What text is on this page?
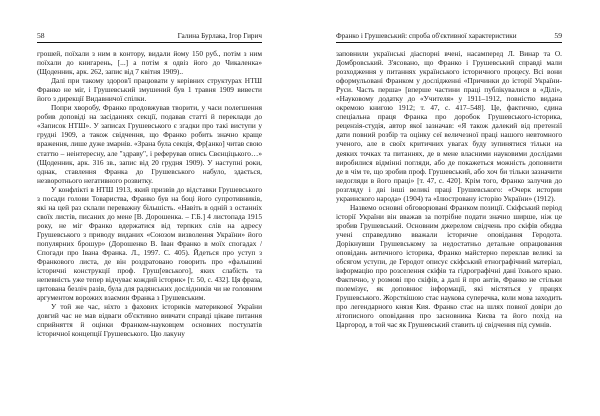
58	Галина Бурлака, Ігор Гирич

грошей, поїхали з ним в контору, видали йому 150 руб., потім з ним поїхали до книгарень, [...] а потім я одвіз його до Чикаленка» (Щоденник, арк. 262, запис від 7 квітня 1909)..

Далі при такому здоров'ї працювати у керівних структурах НТШ Франко не міг, і Грушевський змушений був 1 травня 1909 вивести його з дирекції Видавничої спілки.

Попри хворобу, Франко продовжував творити, у часи полегшення робив доповіді на засіданнях секції, подавав статті й переклади до «Записок НТШ». У записах Грушевського є згадки про такі виступи у грудні 1909, а також свідчення, що Франко робить значно краще враження, лише дуже змарнів. «Зрана була секція, Фр[анко] читав свою статтю – неінтересну, але "здраву", і реферував опись Свєнціцького…» (Щоденник, арк. 316 зв., запис від 20 грудня 1909). У наступні роки, однак, ставлення Франка до Грушевського набуло, здається, незворотнього негативного розвитку.

У конфлікті в НТШ 1913, який призвів до відставки Грушевського з посади голови Товариства, Франко був на боці його супротивників, які на цей раз склали переважну більшість. «Навіть в одній з останніх своїх листів, писаних до мене [В. Дорошенка. – Г.Б.] 4 листопада 1915 року, не міг Франко вдержатися від терпких слів на адресу Грушевського з приводу виданих «Союзом визволення України» його популярних брошур» (Дорошенко В. Іван Франко в моїх спогадах / Спогади про Івана Франка. Л., 1997. С. 405). Йдеться про уступ з Франкового листа, де він роздратовано говорить про «фальшиві історичні конструкції проф. Груш[евського], яких слабість та непевність уже тепер відчуває кождий історик» [т. 50, с. 432]. Ця фраза, цитована безліч разів, була для радянських дослідників чи не головним аргументом ворожих взаємин Франка з Грушевським.

У той же час, ніхто з фахових істориків материкової України довгий час не мав відваги об'єктивно вивчати справді цікаве питання сприйняття й оцінки Франком-науковцем основних постулатів історичної концепції Грушевського. Цю лакуну

Франко і Грушевський: спроба об'єктивної характеристики	59

заповнили українські діаспорні вчені, насамперед Л. Винар та О. Домбровський. З'ясовано, що Франко і Грушевський справді мали розходження у питаннях українського історичного процесу. Всі вони оформульовані Франком у дослідженні «Причинки до історії України-Руси. Часть перша» [вперше частини праці публікувалися в «Ділі», «Науковому додатку до «Учителя» у 1911–1912, повністю видана окремою книгою 1912; т. 47, с. 417–548]. Це, фактично, єдина спеціальна праця Франка про доробок Грушевського-історика, рецензія-студія, автор якої зазначав: «Я також далекий від претензії дати повний розбір та оцінку сеї величезної праці нашого невтомного ученого, але в своїх критичних увагах буду зупинятися тільки на деяких точках та питаннях, де в мене власними науковими дослідами виробилися відмінні погляди, або де покажеться можність доповнити де в чім те, що зробив проф. Грушевський, або хоч би тільки зазначити недогляди в його праці» [т. 47, с. 420]. Крім того, Франко залучив до розгляду і дві інші великі праці Грушевського: «Очерк истории украинского народа» (1904) та «Ілюстровану історію України» (1912).

Назвемо основні обговорювані Франком позиції. Скіфський період історії України він вважав за потрібне подати значно ширше, ніж це зробив Грушевський. Основним джерелом свідчень про скіфів обидва учені справедливо вважали історичне оповідання Геродота. Дорікнувши Грушевському за недостатньо детальне опрацювання оповідань античного історика, Франко майстерно переклав великі за обсягом уступи, де Геродот описує скіфський етнографічний матеріал, інформацію про розселення скіфів та гідрографічні дані їхнього краю. Фактично, у розмові про скіфів, а далі й про антів, Франко не стільки полемізує, як доповнює інформації, які містяться у працях Грушевського. Жорсткішою стає наукова суперечка, коли мова заходить про легендарного князя Кия. Франко стає на шлях повної довіри до літописного оповідання про засновника Києва та його похід на Царгород, в той час як Грушевський ставить ці свідчення під сумнів.
